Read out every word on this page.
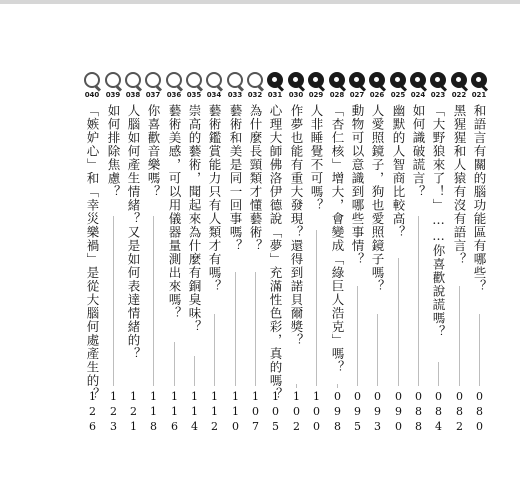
021
和語言有關的腦功能區有哪些？
080
022
黑猩猩和人猿有沒有語言？
082
023
「大野狼來了！」……你喜歡說謊嗎？
084
024
如何識破謊言？
088
025
幽默的人智商比較高？
090
026
人愛照鏡子，狗也愛照鏡子嗎？
093
027
動物可以意識到哪些事情？
095
028
「杏仁核」增大，會變成「綠巨人浩克」嗎？
098
029
人非睡覺不可嗎？
100
030
作夢也能有重大發現？還得到諾貝爾獎？
102
031
心理大師佛洛伊德說「夢」充滿性色彩，真的嗎？
105
032
為什麼長頸類才懂藝術？
107
033
藝術和美是同一回事嗎？
110
034
藝術鑑賞能力只有人類才有嗎？
112
035
崇高的藝術，聞起來為什麼有銅臭味？
114
036
藝術美感，可以用儀器量測出來嗎？
116
037
你喜歡音樂嗎？
118
038
人腦如何產生情緒？又是如何表達情緒的？
121
039
如何排除焦慮？
123
040
「嫉妒心」和「幸災樂禍」是從大腦何處產生的？
126
